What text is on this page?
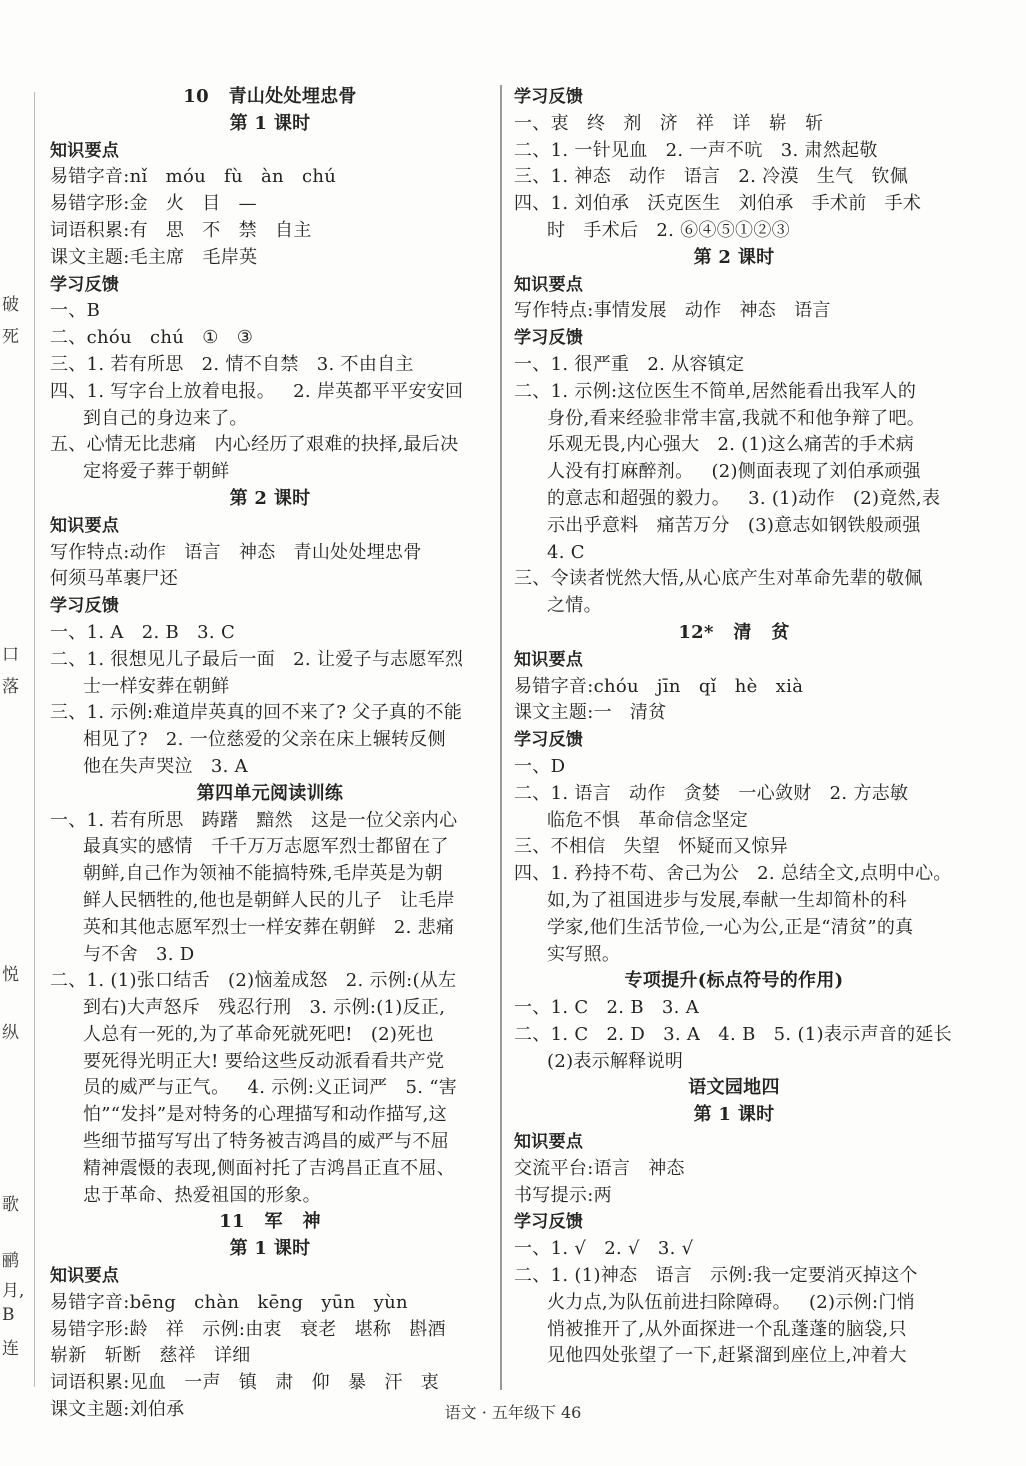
破
死
口
落
悦
纵
歌
鹂
月,
B
连
10   青山处处埋忠骨
第 1 课时
知识要点
易错字音:nǐ   móu   fù   àn   chú
易错字形:金   火   目   —
词语积累:有   思   不   禁   自主
课文主题:毛主席   毛岸英
学习反馈
一、B
二、chóu   chú   ①   ③
三、1. 若有所思   2. 情不自禁   3. 不由自主
四、1. 写字台上放着电报。   2. 岸英都平平安安回
到自己的身边来了。
五、心情无比悲痛   内心经历了艰难的抉择,最后决
定将爱子葬于朝鲜
第 2 课时
知识要点
写作特点:动作   语言   神态   青山处处埋忠骨
何须马革裹尸还
学习反馈
一、1. A   2. B   3. C
二、1. 很想见儿子最后一面   2. 让爱子与志愿军烈
士一样安葬在朝鲜
三、1. 示例:难道岸英真的回不来了? 父子真的不能
相见了?   2. 一位慈爱的父亲在床上辗转反侧
他在失声哭泣   3. A
第四单元阅读训练
一、1. 若有所思   踌躇   黯然   这是一位父亲内心
最真实的感情   千千万万志愿军烈士都留在了
朝鲜,自己作为领袖不能搞特殊,毛岸英是为朝
鲜人民牺牲的,他也是朝鲜人民的儿子   让毛岸
英和其他志愿军烈士一样安葬在朝鲜   2. 悲痛
与不舍   3. D
二、1. (1)张口结舌   (2)恼羞成怒   2. 示例:(从左
到右)大声怒斥   残忍行刑   3. 示例:(1)反正,
人总有一死的,为了革命死就死吧!   (2)死也
要死得光明正大! 要给这些反动派看看共产党
员的威严与正气。   4. 示例:义正词严   5. “害
怕”“发抖”是对特务的心理描写和动作描写,这
些细节描写写出了特务被吉鸿昌的威严与不屈
精神震慑的表现,侧面衬托了吉鸿昌正直不屈、
忠于革命、热爱祖国的形象。
11   军   神
第 1 课时
知识要点
易错字音:bēng   chàn   kēng   yūn   yùn
易错字形:龄   祥   示例:由衷   衰老   堪称   斟酒
崭新   斩断   慈祥   详细
词语积累:见血   一声   镇   肃   仰   暴   汗   衷
课文主题:刘伯承
学习反馈
一、衷   终   剂   济   祥   详   崭   斩
二、1. 一针见血   2. 一声不吭   3. 肃然起敬
三、1. 神态   动作   语言   2. 冷漠   生气   钦佩
四、1. 刘伯承   沃克医生   刘伯承   手术前   手术
时   手术后   2. ⑥④⑤①②③
第 2 课时
知识要点
写作特点:事情发展   动作   神态   语言
学习反馈
一、1. 很严重   2. 从容镇定
二、1. 示例:这位医生不简单,居然能看出我军人的
身份,看来经验非常丰富,我就不和他争辩了吧。
乐观无畏,内心强大   2. (1)这么痛苦的手术病
人没有打麻醉剂。   (2)侧面表现了刘伯承顽强
的意志和超强的毅力。   3. (1)动作   (2)竟然,表
示出乎意料   痛苦万分   (3)意志如钢铁般顽强
4. C
三、令读者恍然大悟,从心底产生对革命先辈的敬佩
之情。
12*   清   贫
知识要点
易错字音:chóu   jīn   qǐ   hè   xià
课文主题:一   清贫
学习反馈
一、D
二、1. 语言   动作   贪婪   一心敛财   2. 方志敏
临危不惧   革命信念坚定
三、不相信   失望   怀疑而又惊异
四、1. 矜持不苟、舍己为公   2. 总结全文,点明中心。
如,为了祖国进步与发展,奉献一生却简朴的科
学家,他们生活节俭,一心为公,正是“清贫”的真
实写照。
专项提升(标点符号的作用)
一、1. C   2. B   3. A
二、1. C   2. D   3. A   4. B   5. (1)表示声音的延长
(2)表示解释说明
语文园地四
第 1 课时
知识要点
交流平台:语言   神态
书写提示:两
学习反馈
一、1. √   2. √   3. √
二、1. (1)神态   语言   示例:我一定要消灭掉这个
火力点,为队伍前进扫除障碍。   (2)示例:门悄
悄被推开了,从外面探进一个乱蓬蓬的脑袋,只
见他四处张望了一下,赶紧溜到座位上,冲着大
语文 · 五年级下 46
